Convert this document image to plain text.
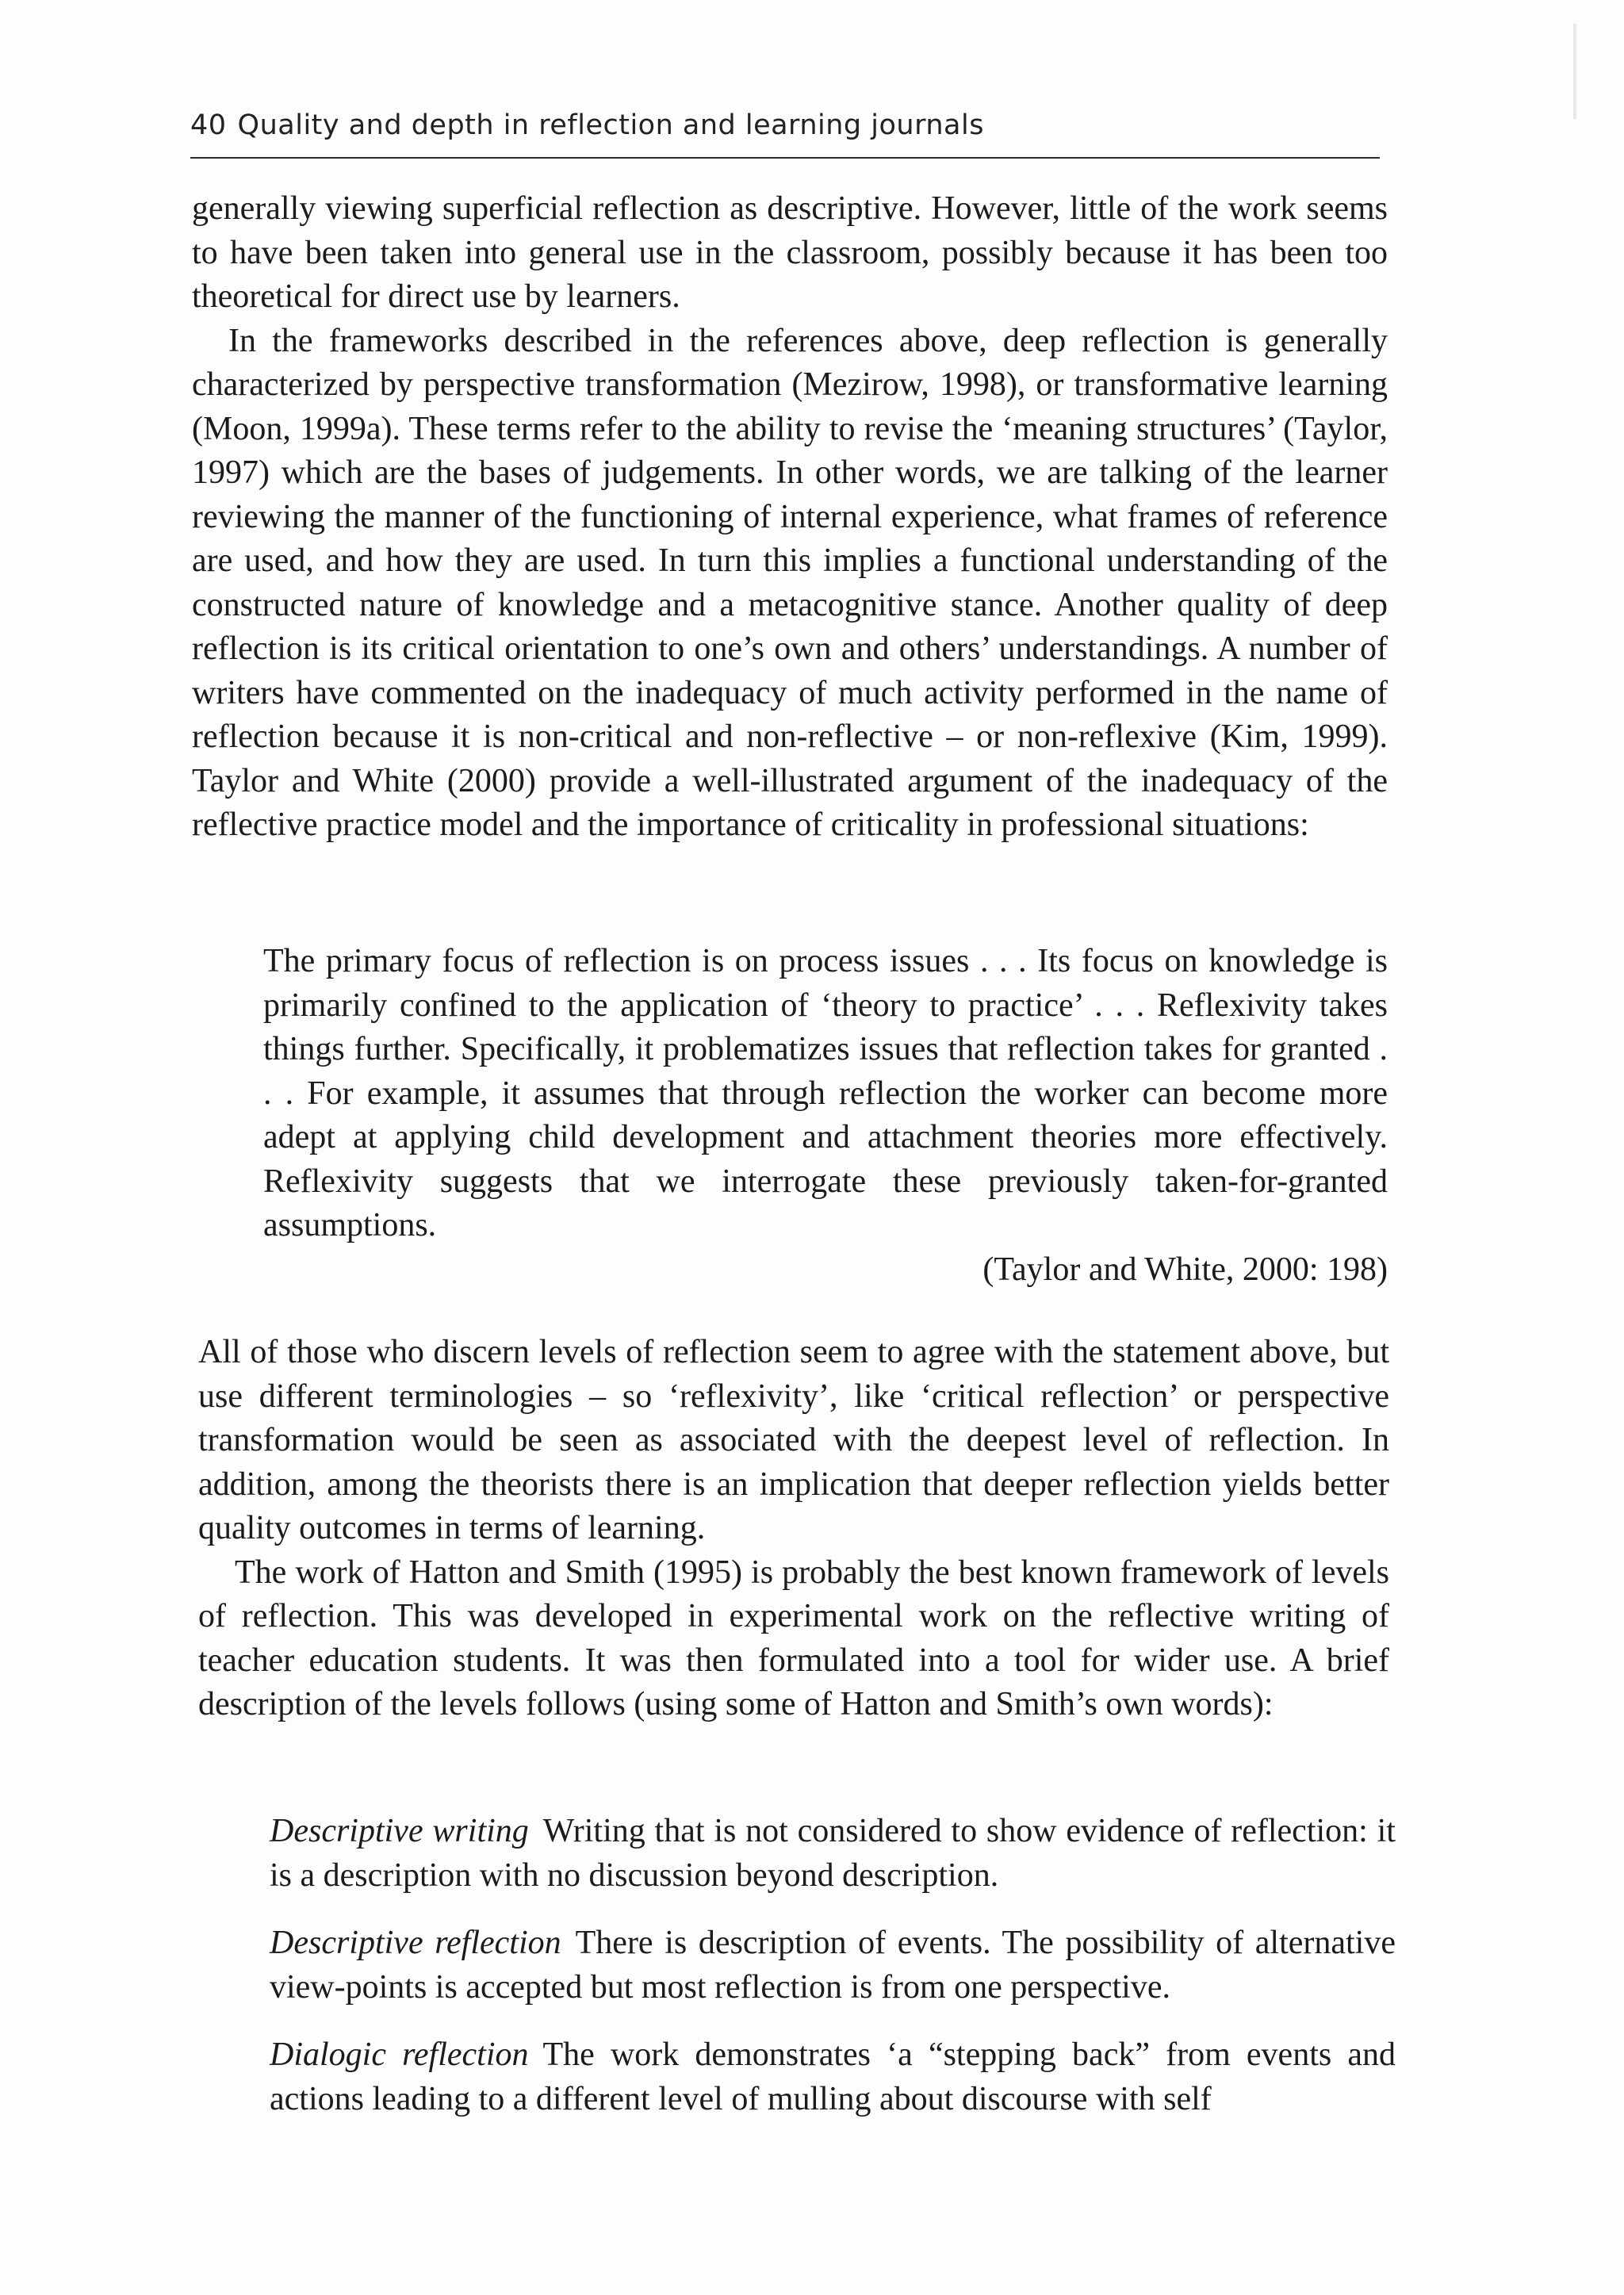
40 Quality and depth in reflection and learning journals

generally viewing superficial reflection as descriptive. However, little of the work seems to have been taken into general use in the classroom, possibly because it has been too theoretical for direct use by learners.

In the frameworks described in the references above, deep reflection is generally characterized by perspective transformation (Mezirow, 1998), or transformative learning (Moon, 1999a). These terms refer to the ability to revise the ‘meaning structures’ (Taylor, 1997) which are the bases of judgements. In other words, we are talking of the learner reviewing the manner of the functioning of internal experience, what frames of reference are used, and how they are used. In turn this implies a functional understanding of the constructed nature of knowledge and a metacognitive stance. Another quality of deep reflection is its critical orientation to one’s own and others’ understandings. A number of writers have commented on the inadequacy of much activity performed in the name of reflection because it is non-critical and non-reflective – or non-reflexive (Kim, 1999). Taylor and White (2000) provide a well-illustrated argument of the inadequacy of the reflective practice model and the importance of criticality in professional situations:

The primary focus of reflection is on process issues . . . Its focus on knowledge is primarily confined to the application of ‘theory to practice’ . . . Reflexivity takes things further. Specifically, it problematizes issues that reflection takes for granted . . . For example, it assumes that through reflection the worker can become more adept at applying child development and attachment theories more effectively. Reflexivity suggests that we interrogate these previously taken-for-granted assumptions.

(Taylor and White, 2000: 198)

All of those who discern levels of reflection seem to agree with the statement above, but use different terminologies – so ‘reflexivity’, like ‘critical reflection’ or perspective transformation would be seen as associated with the deepest level of reflection. In addition, among the theorists there is an implication that deeper reflection yields better quality outcomes in terms of learning.

The work of Hatton and Smith (1995) is probably the best known framework of levels of reflection. This was developed in experimental work on the reflective writing of teacher education students. It was then formulated into a tool for wider use. A brief description of the levels follows (using some of Hatton and Smith’s own words):

Descriptive writing Writing that is not considered to show evidence of reflection: it is a description with no discussion beyond description.

Descriptive reflection There is description of events. The possibility of alternative view-points is accepted but most reflection is from one perspective.

Dialogic reflection The work demonstrates ‘a “stepping back” from events and actions leading to a different level of mulling about discourse with self
